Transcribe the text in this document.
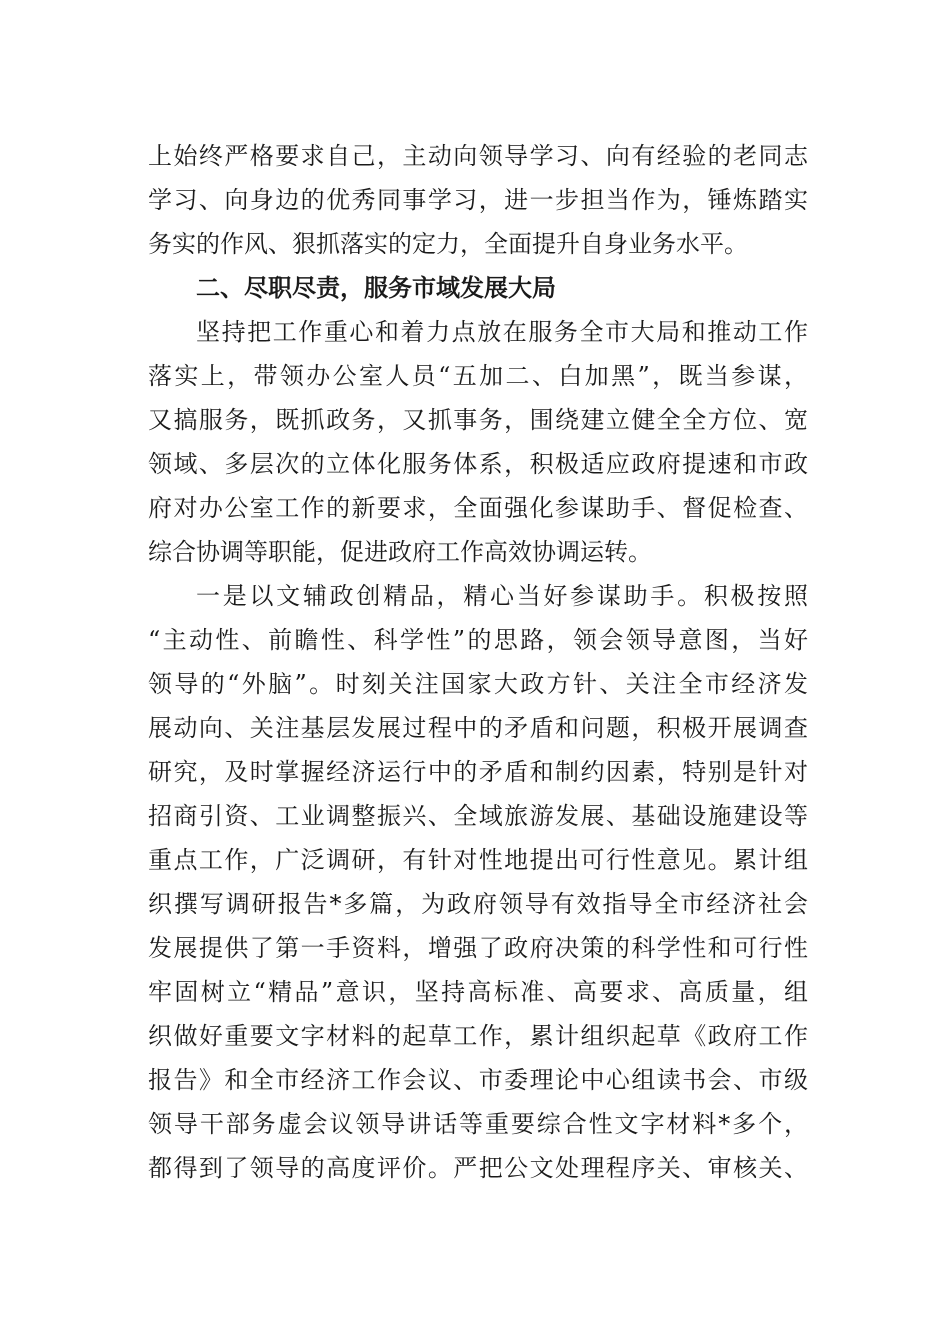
上始终严格要求自己，主动向领导学习、向有经验的老同志
学习、向身边的优秀同事学习，进一步担当作为，锤炼踏实
务实的作风、狠抓落实的定力，全面提升自身业务水平。
二、尽职尽责，服务市域发展大局
坚持把工作重心和着力点放在服务全市大局和推动工作
落实上，带领办公室人员“五加二、白加黑”，既当参谋，
又搞服务，既抓政务，又抓事务，围绕建立健全全方位、宽
领域、多层次的立体化服务体系，积极适应政府提速和市政
府对办公室工作的新要求，全面强化参谋助手、督促检查、
综合协调等职能，促进政府工作高效协调运转。
一是以文辅政创精品，精心当好参谋助手。积极按照
“主动性、前瞻性、科学性”的思路，领会领导意图，当好
领导的“外脑”。时刻关注国家大政方针、关注全市经济发
展动向、关注基层发展过程中的矛盾和问题，积极开展调查
研究，及时掌握经济运行中的矛盾和制约因素，特别是针对
招商引资、工业调整振兴、全域旅游发展、基础设施建设等
重点工作，广泛调研，有针对性地提出可行性意见。累计组
织撰写调研报告*多篇，为政府领导有效指导全市经济社会
发展提供了第一手资料，增强了政府决策的科学性和可行性
牢固树立“精品”意识，坚持高标准、高要求、高质量，组
织做好重要文字材料的起草工作，累计组织起草《政府工作
报告》和全市经济工作会议、市委理论中心组读书会、市级
领导干部务虚会议领导讲话等重要综合性文字材料*多个，
都得到了领导的高度评价。严把公文处理程序关、审核关、
